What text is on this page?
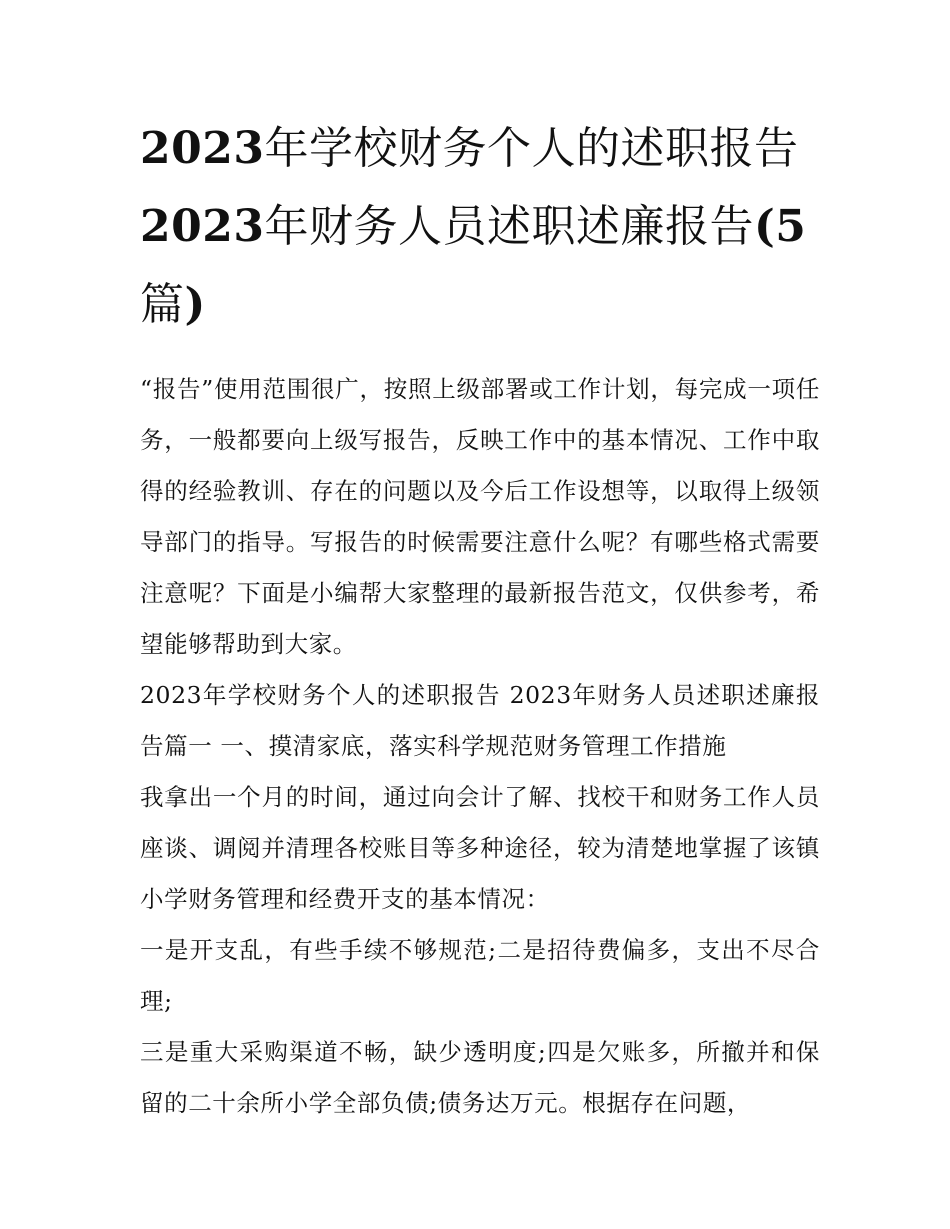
2023年学校财务个人的述职报告 2023年财务人员述职述廉报告(5篇)

“报告”使用范围很广，按照上级部署或工作计划，每完成一项任务，一般都要向上级写报告，反映工作中的基本情况、工作中取得的经验教训、存在的问题以及今后工作设想等，以取得上级领导部门的指导。写报告的时候需要注意什么呢？有哪些格式需要注意呢？下面是小编帮大家整理的最新报告范文，仅供参考，希望能够帮助到大家。

2023年学校财务个人的述职报告 2023年财务人员述职述廉报告篇一 一、摸清家底，落实科学规范财务管理工作措施

我拿出一个月的时间，通过向会计了解、找校干和财务工作人员座谈、调阅并清理各校账目等多种途径，较为清楚地掌握了该镇小学财务管理和经费开支的基本情况：

一是开支乱，有些手续不够规范;二是招待费偏多，支出不尽合理;

三是重大采购渠道不畅，缺少透明度;四是欠账多，所撤并和保留的二十余所小学全部负债;债务达万元。根据存在问题，
